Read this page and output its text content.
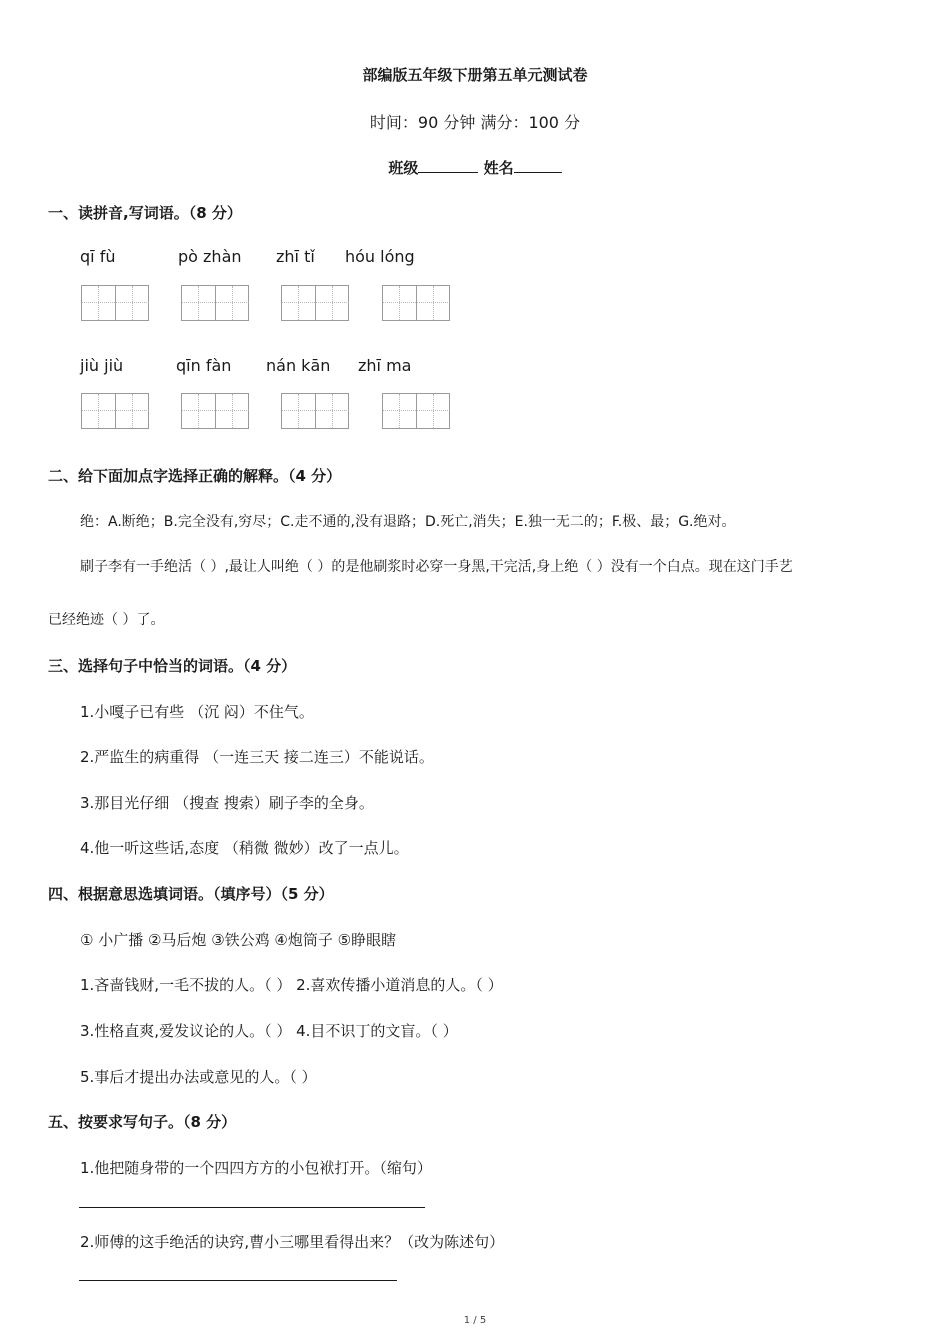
部编版五年级下册第五单元测试卷
时间：90 分钟 满分：100 分
班级	姓名
一、读拼音,写词语。（8 分）
qī fù	pò zhàn zhī tǐ hóu lóng
jiù jiù	qīn fàn nán kān zhī ma
二、给下面加点字选择正确的解释。（4 分）
绝：A.断绝；B.完全没有,穷尽；C.走不通的,没有退路；D.死亡,消失；E.独一无二的；F.极、最；G.绝对。
刷子李有一手绝活（ ）,最让人叫绝（ ）的是他刷浆时必穿一身黑,干完活,身上绝（ ）没有一个白点。现在这门手艺
已经绝迹（ ）了。
三、选择句子中恰当的词语。（4 分）
1.小嘎子已有些 （沉 闷）不住气。
2.严监生的病重得 （一连三天 接二连三）不能说话。
3.那目光仔细 （搜查 搜索）刷子李的全身。
4.他一听这些话,态度 （稍微 微妙）改了一点儿。
四、根据意思选填词语。（填序号）（5 分）
① 小广播 ②马后炮 ③铁公鸡 ④炮筒子 ⑤睁眼瞎
1.吝啬钱财,一毛不拔的人。（ ） 2.喜欢传播小道消息的人。（ ）
3.性格直爽,爱发议论的人。（ ） 4.目不识丁的文盲。（ ）
5.事后才提出办法或意见的人。（ ）
五、按要求写句子。（8 分）
1.他把随身带的一个四四方方的小包袱打开。（缩句）
2.师傅的这手绝活的诀窍,曹小三哪里看得出来？（改为陈述句）
1 / 5
